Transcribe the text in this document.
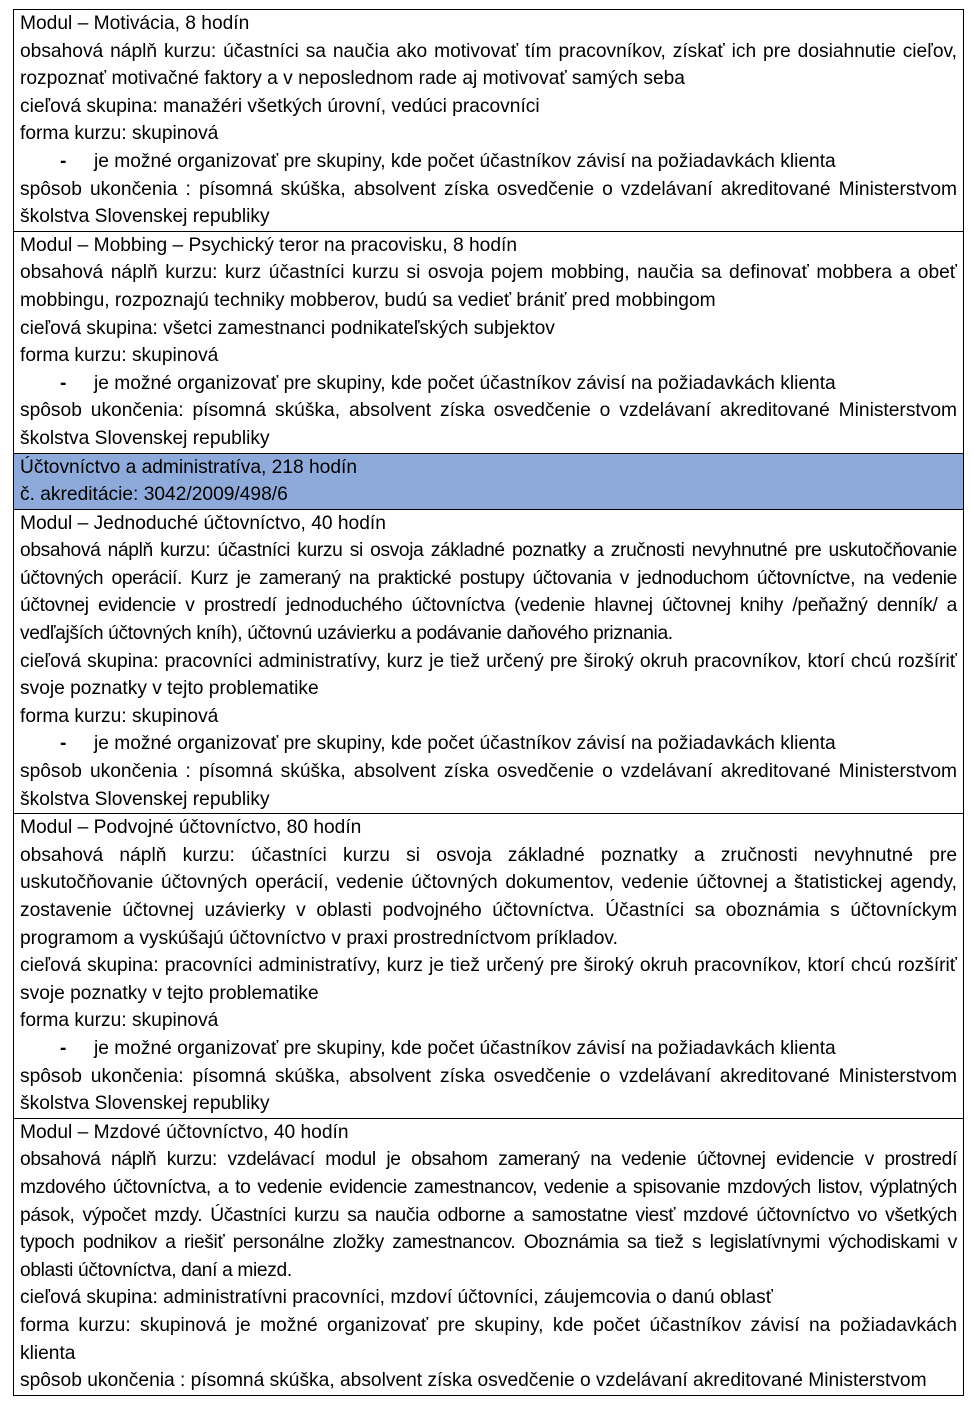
Modul – Motivácia, 8 hodín

obsahová náplň kurzu: účastníci sa naučia ako motivovať tím pracovníkov, získať ich pre dosiahnutie cieľov, rozpoznať motivačné faktory a v neposlednom rade aj motivovať samých seba

cieľová skupina: manažéri všetkých úrovní, vedúci pracovníci

forma kurzu: skupinová

-	je možné organizovať pre skupiny, kde počet účastníkov závisí na požiadavkách klienta

spôsob ukončenia : písomná skúška, absolvent získa osvedčenie o vzdelávaní akreditované Ministerstvom školstva Slovenskej republiky

Modul – Mobbing – Psychický teror na pracovisku, 8 hodín

obsahová náplň kurzu: kurz účastníci kurzu si osvoja pojem mobbing, naučia sa definovať mobbera a obeť mobbingu, rozpoznajú techniky mobberov, budú sa vedieť brániť pred mobbingom

cieľová skupina: všetci zamestnanci podnikateľských subjektov

forma kurzu: skupinová

-	je možné organizovať pre skupiny, kde počet účastníkov závisí na požiadavkách klienta

spôsob ukončenia: písomná skúška, absolvent získa osvedčenie o vzdelávaní akreditované Ministerstvom školstva Slovenskej republiky

Účtovníctvo a administratíva, 218 hodín

č. akreditácie: 3042/2009/498/6

Modul – Jednoduché účtovníctvo, 40 hodín

obsahová náplň kurzu: účastníci kurzu si osvoja základné poznatky a zručnosti nevyhnutné pre uskutočňovanie účtovných operácií. Kurz je zameraný na praktické postupy účtovania v jednoduchom účtovníctve, na vedenie účtovnej evidencie v prostredí jednoduchého účtovníctva (vedenie hlavnej účtovnej knihy /peňažný denník/ a vedľajších účtovných kníh), účtovnú uzávierku a podávanie daňového priznania.

cieľová skupina: pracovníci administratívy, kurz je tiež určený pre široký okruh pracovníkov, ktorí chcú rozšíriť svoje poznatky v tejto problematike

forma kurzu: skupinová

-	je možné organizovať pre skupiny, kde počet účastníkov závisí na požiadavkách klienta

spôsob ukončenia : písomná skúška, absolvent získa osvedčenie o vzdelávaní akreditované Ministerstvom školstva Slovenskej republiky

Modul – Podvojné účtovníctvo, 80 hodín

obsahová náplň kurzu: účastníci kurzu si osvoja základné poznatky a zručnosti nevyhnutné pre uskutočňovanie účtovných operácií, vedenie účtovných dokumentov, vedenie účtovnej a štatistickej agendy, zostavenie účtovnej uzávierky v oblasti podvojného účtovníctva. Účastníci sa oboznámia s účtovníckym programom a vyskúšajú účtovníctvo v praxi prostredníctvom príkladov.

cieľová skupina: pracovníci administratívy, kurz je tiež určený pre široký okruh pracovníkov, ktorí chcú rozšíriť svoje poznatky v tejto problematike

forma kurzu: skupinová

-	je možné organizovať pre skupiny, kde počet účastníkov závisí na požiadavkách klienta

spôsob ukončenia: písomná skúška, absolvent získa osvedčenie o vzdelávaní akreditované Ministerstvom školstva Slovenskej republiky

Modul – Mzdové účtovníctvo, 40 hodín

obsahová náplň kurzu: vzdelávací modul je obsahom zameraný na vedenie účtovnej evidencie v prostredí mzdového účtovníctva, a to vedenie evidencie zamestnancov, vedenie a spisovanie mzdových listov, výplatných pások, výpočet mzdy. Účastníci kurzu sa naučia odborne a samostatne viesť mzdové účtovníctvo vo všetkých typoch podnikov a riešiť personálne zložky zamestnancov. Oboznámia sa tiež s legislatívnymi východiskami v oblasti účtovníctva, daní a miezd.

cieľová skupina: administratívni pracovníci, mzdoví účtovníci, záujemcovia o danú oblasť

forma kurzu: skupinová je možné organizovať pre skupiny, kde počet účastníkov závisí na požiadavkách klienta

spôsob ukončenia : písomná skúška, absolvent získa osvedčenie o vzdelávaní akreditované Ministerstvom
